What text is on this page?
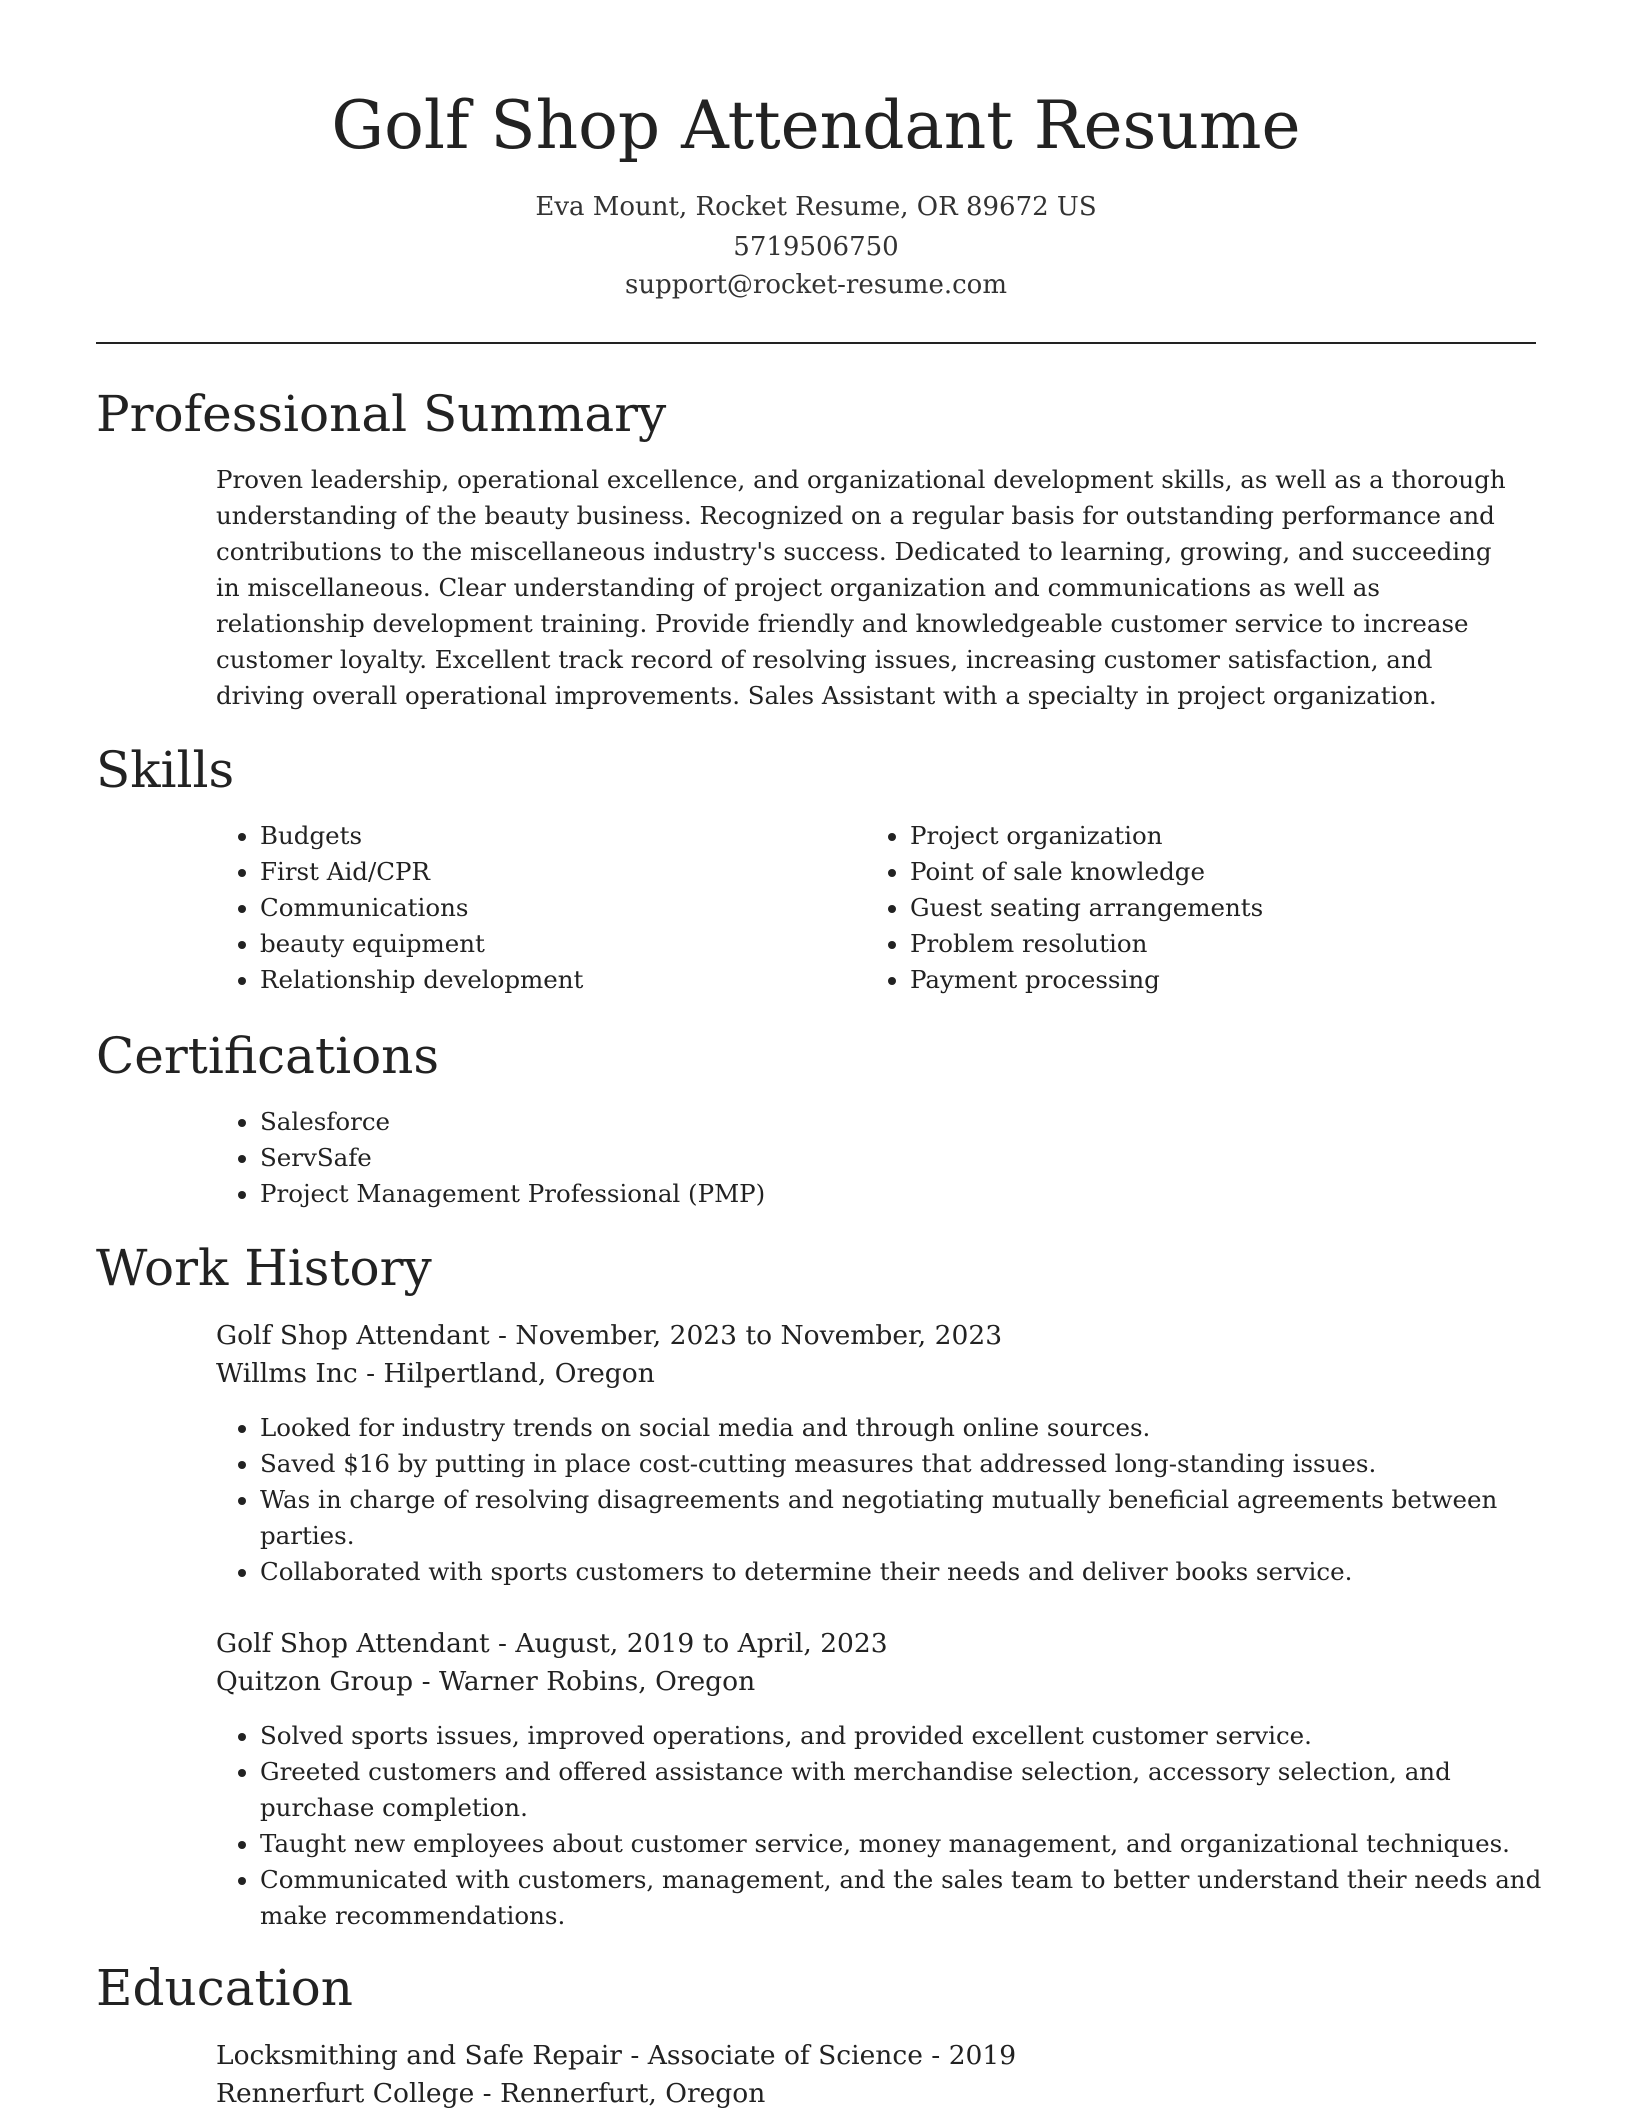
Golf Shop Attendant Resume
Eva Mount, Rocket Resume, OR 89672 US
5719506750
support@rocket-resume.com
Professional Summary

Proven leadership, operational excellence, and organizational development skills, as well as a thorough understanding of the beauty business. Recognized on a regular basis for outstanding performance and contributions to the miscellaneous industry's success. Dedicated to learning, growing, and succeeding in miscellaneous. Clear understanding of project organization and communications as well as relationship development training. Provide friendly and knowledgeable customer service to increase customer loyalty. Excellent track record of resolving issues, increasing customer satisfaction, and driving overall operational improvements. Sales Assistant with a specialty in project organization.

Skills
• Budgets
• First Aid/CPR
• Communications
• beauty equipment
• Relationship development
• Project organization
• Point of sale knowledge
• Guest seating arrangements
• Problem resolution
• Payment processing
Certifications
• Salesforce
• ServSafe
• Project Management Professional (PMP)
Work History
Golf Shop Attendant - November, 2023 to November, 2023
Willms Inc - Hilpertland, Oregon
• Looked for industry trends on social media and through online sources.
• Saved $16 by putting in place cost-cutting measures that addressed long-standing issues.
• Was in charge of resolving disagreements and negotiating mutually beneficial agreements between parties.
• Collaborated with sports customers to determine their needs and deliver books service.
Golf Shop Attendant - August, 2019 to April, 2023
Quitzon Group - Warner Robins, Oregon
• Solved sports issues, improved operations, and provided excellent customer service.
• Greeted customers and offered assistance with merchandise selection, accessory selection, and purchase completion.
• Taught new employees about customer service, money management, and organizational techniques.
• Communicated with customers, management, and the sales team to better understand their needs and make recommendations.
Education
Locksmithing and Safe Repair - Associate of Science - 2019
Rennerfurt College - Rennerfurt, Oregon
